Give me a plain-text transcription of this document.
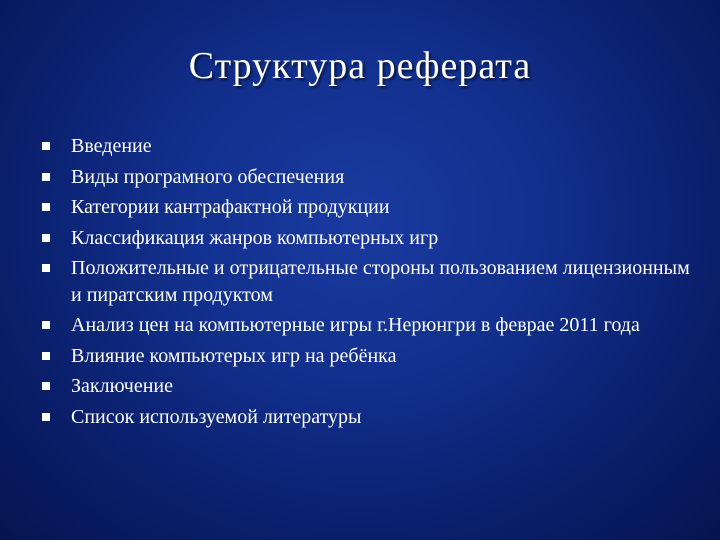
Структура реферата
Введение
Виды програмного обеспечения
Категории кантрафактной продукции
Классификация жанров компьютерных игр
Положительные и отрицательные стороны пользованием лицензионным и пиратским продуктом
Анализ цен на компьютерные игры г.Нерюнгри в феврае 2011 года
Влияние компьютерых игр на ребёнка
Заключение
Список используемой литературы
